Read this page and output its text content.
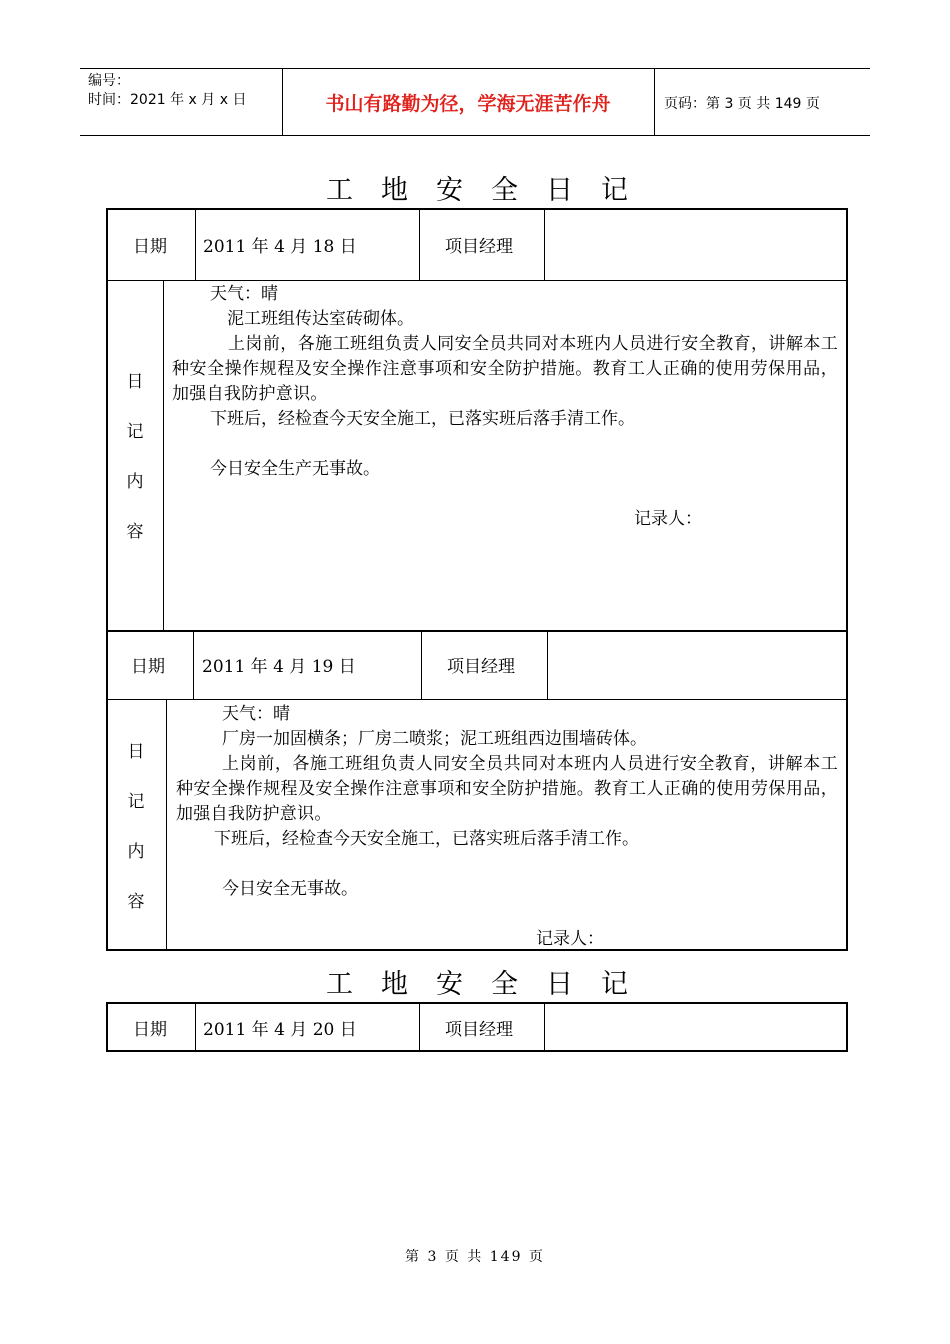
编号：
时间：2021 年 x 月 x 日	书山有路勤为径，学海无涯苦作舟	页码：第 3 页 共 149 页
工地安全日记
日期 2011 年 4 月 18 日	项目经理
日
记
内
容

天气：晴

泥工班组传达室砖砌体。

上岗前，各施工班组负责人同安全员共同对本班内人员进行安全教育，讲解本工种安全操作规程及安全操作注意事项和安全防护措施。教育工人正确的使用劳保用品，加强自我防护意识。

下班后，经检查今天安全施工，已落实班后落手清工作。

今日安全生产无事故。

记录人：

日期 2011 年 4 月 19 日	项目经理
日
记
内
容

天气：晴

厂房一加固横条；厂房二喷浆；泥工班组西边围墙砖体。

上岗前，各施工班组负责人同安全员共同对本班内人员进行安全教育，讲解本工种安全操作规程及安全操作注意事项和安全防护措施。教育工人正确的使用劳保用品，加强自我防护意识。

下班后，经检查今天安全施工，已落实班后落手清工作。

今日安全无事故。

记录人：

工地安全日记
日期 2011 年 4 月 20 日	项目经理
第 3 页 共 149 页
